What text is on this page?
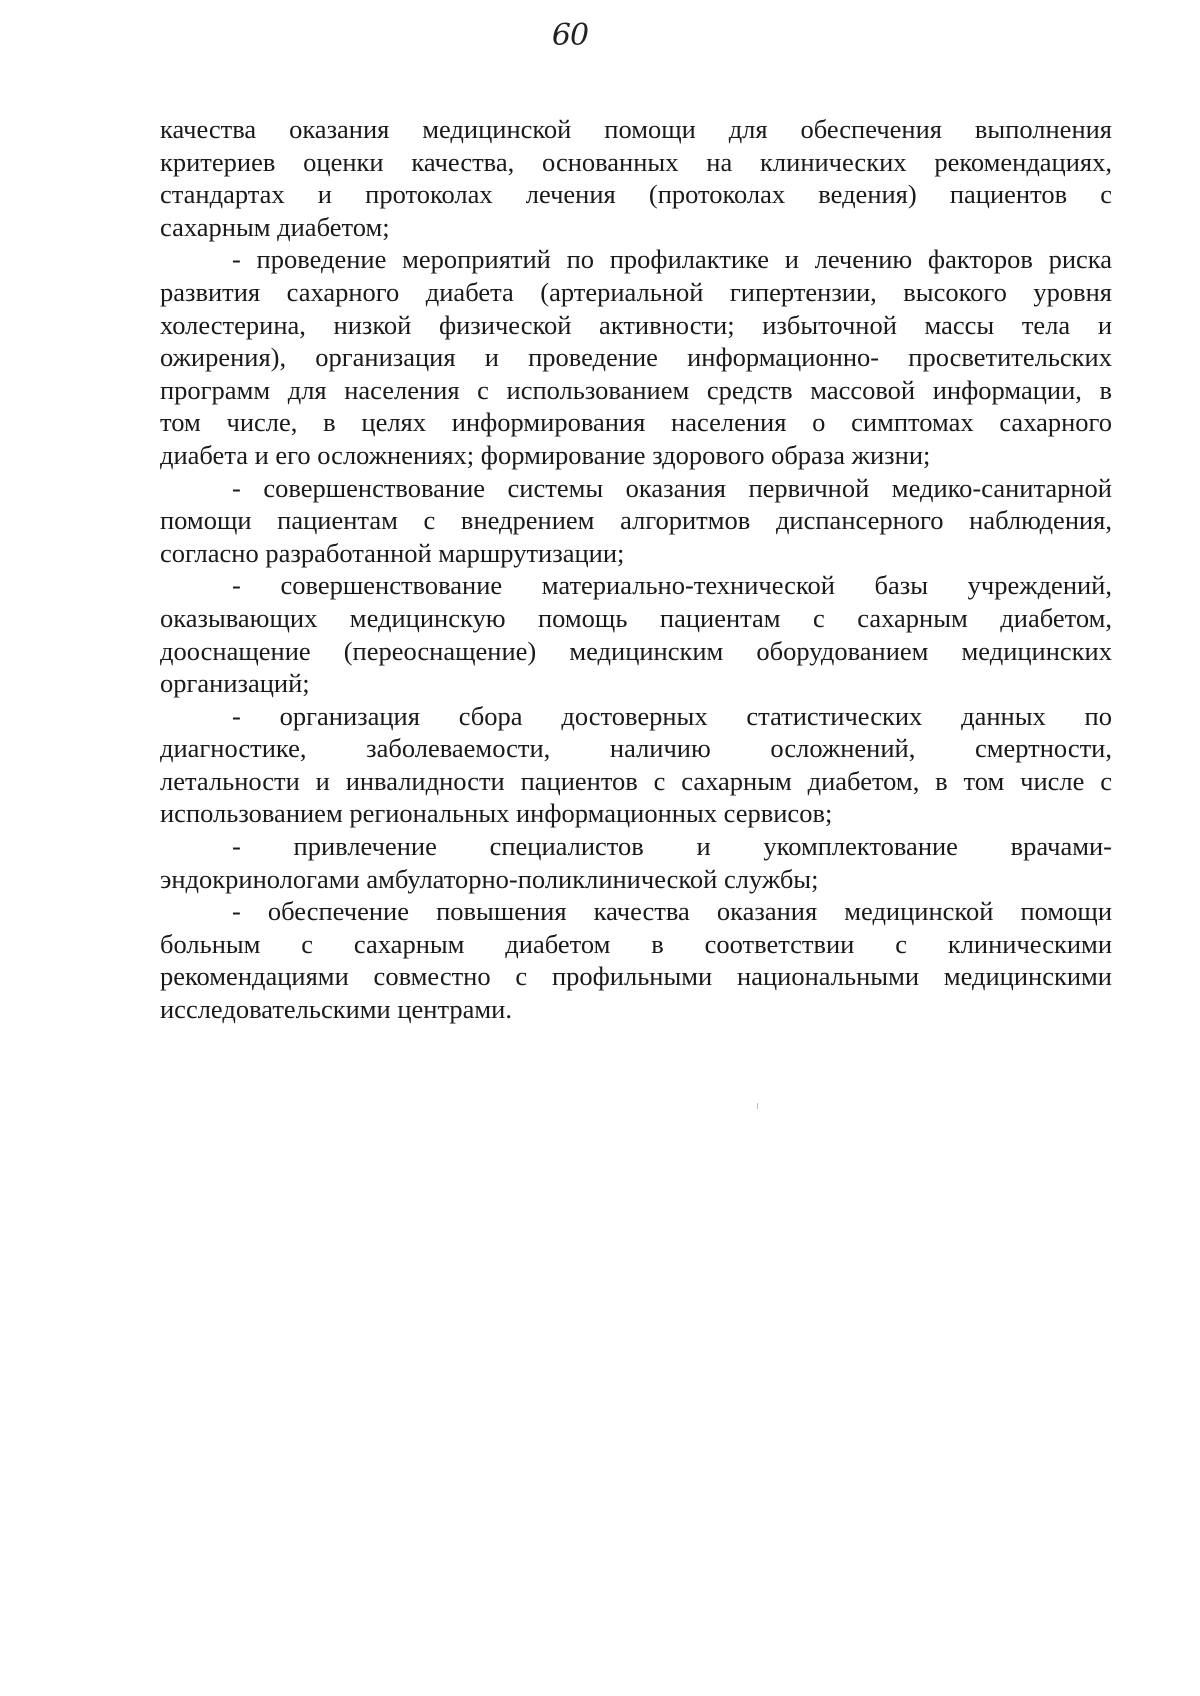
60
качества оказания медицинской помощи для обеспечения выполнения
критериев оценки качества, основанных на клинических рекомендациях,
стандартах и протоколах лечения (протоколах ведения) пациентов с
сахарным диабетом;
- проведение мероприятий по профилактике и лечению факторов риска
развития сахарного диабета (артериальной гипертензии, высокого уровня
холестерина, низкой физической активности; избыточной массы тела и
ожирения), организация и проведение информационно- просветительских
программ для населения с использованием средств массовой информации, в
том числе, в целях информирования населения о симптомах сахарного
диабета и его осложнениях; формирование здорового образа жизни;
- совершенствование системы оказания первичной медико-санитарной
помощи пациентам с внедрением алгоритмов диспансерного наблюдения,
согласно разработанной маршрутизации;
- совершенствование материально-технической базы учреждений,
оказывающих медицинскую помощь пациентам с сахарным диабетом,
дооснащение (переоснащение) медицинским оборудованием медицинских
организаций;
- организация сбора достоверных статистических данных по
диагностике, заболеваемости, наличию осложнений, смертности,
летальности и инвалидности пациентов с сахарным диабетом, в том числе с
использованием региональных информационных сервисов;
- привлечение специалистов и укомплектование врачами-
эндокринологами амбулаторно-поликлинической службы;
- обеспечение повышения качества оказания медицинской помощи
больным с сахарным диабетом в соответствии с клиническими
рекомендациями совместно с профильными национальными медицинскими
исследовательскими центрами.
